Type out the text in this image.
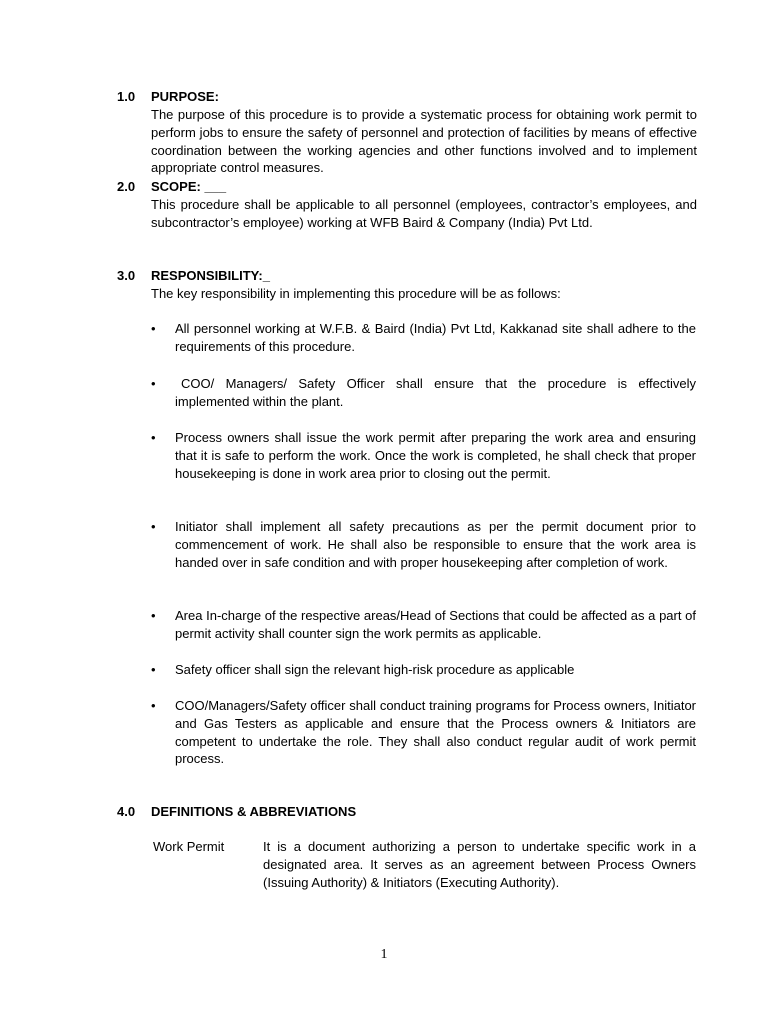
1.0 PURPOSE:
The purpose of this procedure is to provide a systematic process for obtaining work permit to perform jobs to ensure the safety of personnel and protection of facilities by means of effective coordination between the working agencies and other functions involved and to implement appropriate control measures.
2.0 SCOPE: ___
This procedure shall be applicable to all personnel (employees, contractor’s employees, and subcontractor’s employee) working at WFB Baird & Company (India) Pvt Ltd.
3.0 RESPONSIBILITY:_
The key responsibility in implementing this procedure will be as follows:
•	All personnel working at W.F.B. & Baird (India) Pvt Ltd, Kakkanad site shall adhere to the requirements of this procedure.
•	COO/ Managers/ Safety Officer shall ensure that the procedure is effectively implemented within the plant.
•	Process owners shall issue the work permit after preparing the work area and ensuring that it is safe to perform the work. Once the work is completed, he shall check that proper housekeeping is done in work area prior to closing out the permit.
•	Initiator shall implement all safety precautions as per the permit document prior to commencement of work. He shall also be responsible to ensure that the work area is handed over in safe condition and with proper housekeeping after completion of work.
•	Area In-charge of the respective areas/Head of Sections that could be affected as a part of permit activity shall counter sign the work permits as applicable.
•	Safety officer shall sign the relevant high-risk procedure as applicable
•	COO/Managers/Safety officer shall conduct training programs for Process owners, Initiator and Gas Testers as applicable and ensure that the Process owners & Initiators are competent to undertake the role. They shall also conduct regular audit of work permit process.
4.0 DEFINITIONS & ABBREVIATIONS
Work Permit	It is a document authorizing a person to undertake specific work in a designated area. It serves as an agreement between Process Owners (Issuing Authority) & Initiators (Executing Authority).
1
